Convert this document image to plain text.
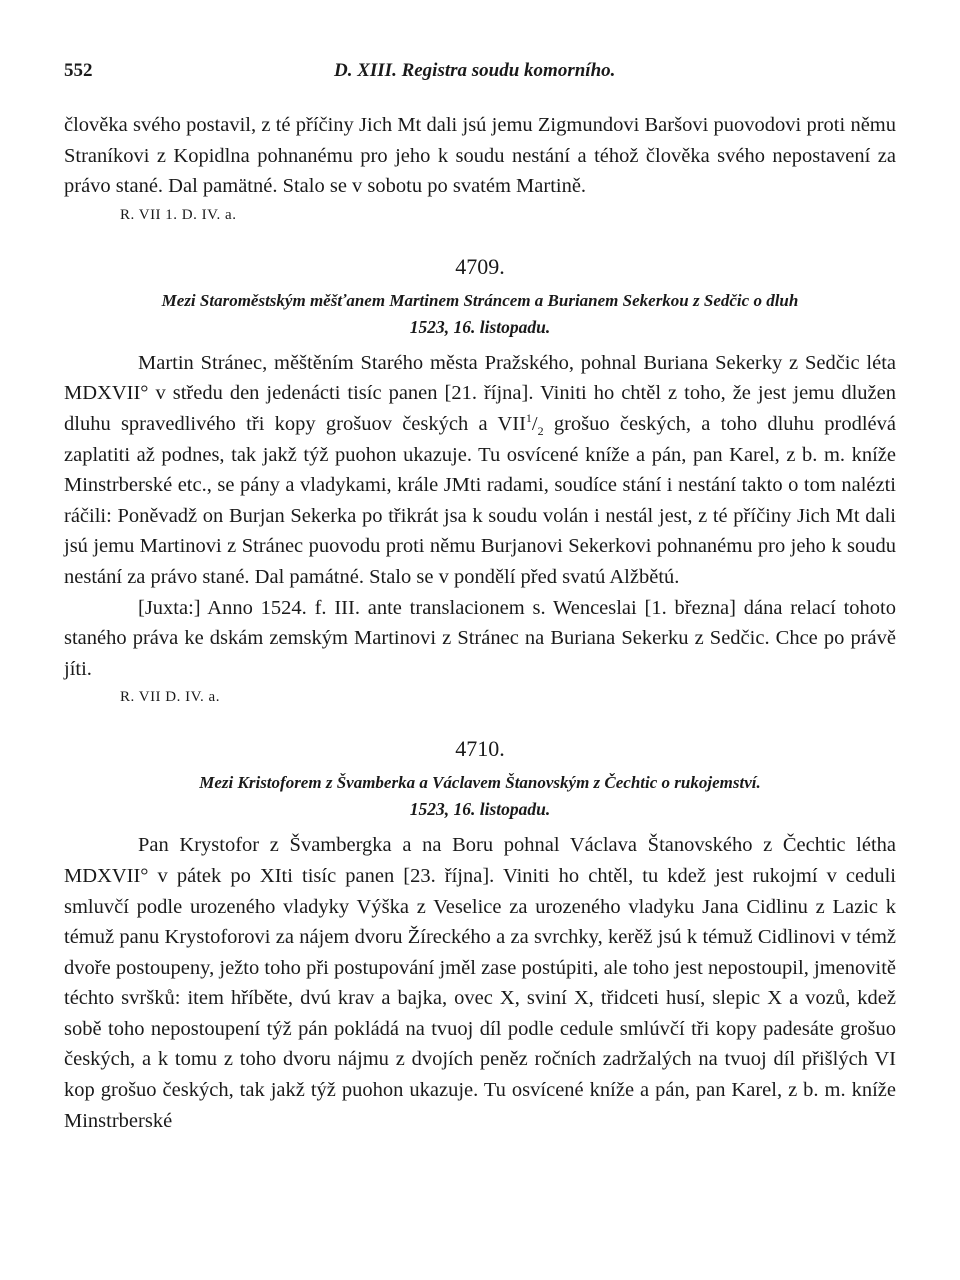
552	D. XIII. Registra soudu komorního.

člověka svého postavil, z té příčiny Jich Mt dali jsú jemu Zigmundovi Baršovi puovodovi proti němu Straníkovi z Kopidlna pohnanému pro jeho k soudu nestání a téhož člověka svého nepostavení za právo stané. Dal pamätné. Stalo se v sobotu po svatém Martině.

R. VII 1. D. IV. a.
4709.
Mezi Staroměstským měšťanem Martinem Stráncem a Burianem Sekerkou z Sedčic o dluh
1523, 16. listopadu.

Martin Stránec, měštěním Starého města Pražského, pohnal Buriana Sekerky z Sedčic léta MDXVII° v středu den jedenácti tisíc panen [21. října]. Viniti ho chtěl z toho, že jest jemu dlužen dluhu spravedlivého tři kopy grošuov českých a $VII^1/_2$ grošuo českých, a toho dluhu prodlévá zaplatiti až podnes, tak jakž týž puohon ukazuje. Tu osvícené kníže a pán, pan Karel, z b. m. kníže Minstrberské etc., se pány a vladykami, krále JMti radami, soudíce stání i nestání takto o tom nalézti ráčili: Poněvadž on Burjan Sekerka po třikrát jsa k soudu volán i nestál jest, z té příčiny Jich Mt dali jsú jemu Martinovi z Stránec puovodu proti němu Burjanovi Sekerkovi pohnanému pro jeho k soudu nestání za právo stané. Dal památné. Stalo se v pondělí před svatú Alžbětú.

[Juxta:] Anno 1524. f. III. ante translacionem s. Wenceslai [1. března] dána relací tohoto staného práva ke dskám zemským Martinovi z Stránec na Buriana Sekerku z Sedčic. Chce po právě jíti.

R. VII D. IV. a.
4710.
Mezi Kristoforem z Švamberka a Václavem Štanovským z Čechtic o rukojemství.
1523, 16. listopadu.

Pan Krystofor z Švambergka a na Boru pohnal Václava Štanovského z Čechtic létha MDXVII° v pátek po XIti tisíc panen [23. října]. Viniti ho chtěl, tu kdež jest rukojmí v ceduli smluvčí podle urozeného vladyky Výška z Veselice za urozeného vladyku Jana Cidlinu z Lazic k témuž panu Krystoforovi za nájem dvoru Žíreckého a za svrchky, kerěž jsú k témuž Cidlinovi v témž dvoře postoupeny, ježto toho při postupování jměl zase postúpiti, ale toho jest nepostoupil, jmenovitě téchto svršků: item hříběte, dvú krav a bajka, ovec X, sviní X, třidceti husí, slepic X a vozů, kdež sobě toho nepostoupení týž pán pokládá na tvuoj díl podle cedule smlúvčí tři kopy padesáte grošuo českých, a k tomu z toho dvoru nájmu z dvojích peněz ročních zadržalých na tvuoj díl přišlých VI kop grošuo českých, tak jakž týž puohon ukazuje. Tu osvícené kníže a pán, pan Karel, z b. m. kníže Minstrberské
